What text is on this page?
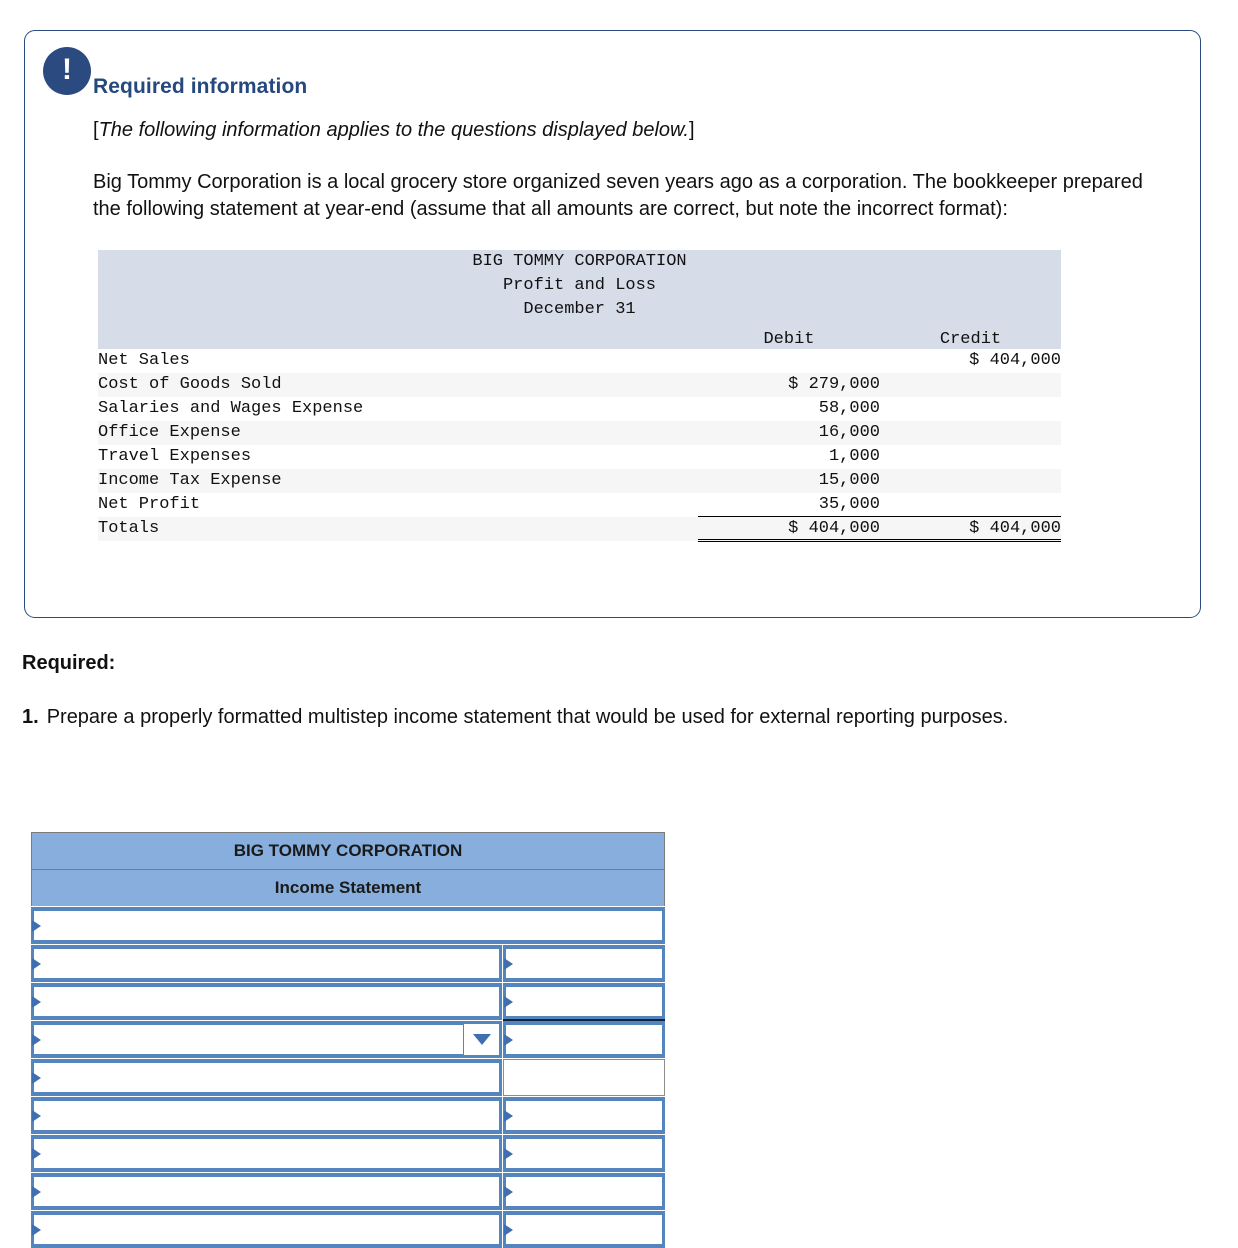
!
Required information
[The following information applies to the questions displayed below.]
Big Tommy Corporation is a local grocery store organized seven years ago as a corporation. The bookkeeper prepared the following statement at year-end (assume that all amounts are correct, but note the incorrect format):
BIG TOMMY CORPORATION		
Profit and Loss		
December 31		
	Debit	Credit
Net Sales		$ 404,000
Cost of Goods Sold	$ 279,000	
Salaries and Wages Expense	58,000	
Office Expense	16,000	
Travel Expenses	1,000	
Income Tax Expense	15,000	
Net Profit	35,000	
Totals	$ 404,000	$ 404,000
Required:
1. Prepare a properly formatted multistep income statement that would be used for external reporting purposes.
BIG TOMMY CORPORATION
Income Statement
